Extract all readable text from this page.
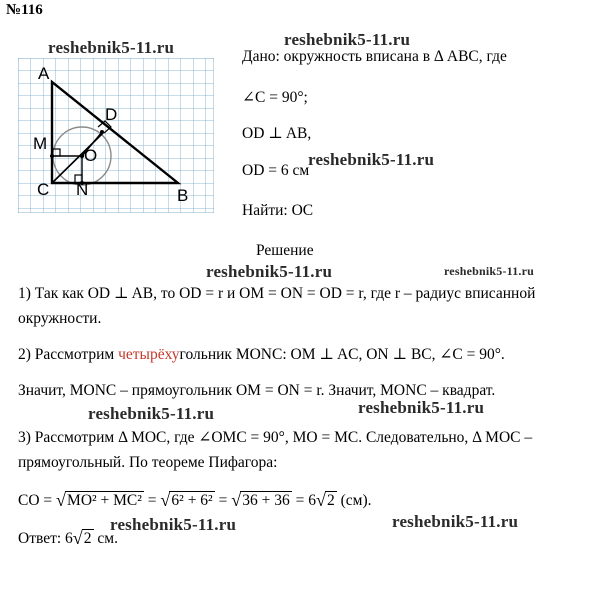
№116
A
D
M
O
C N	B
Дано: окружность вписана в Δ ABC, где
∠C = 90°;
OD ⊥ AB,
OD = 6 см
Найти: OC
Решение
1) Так как OD ⊥ AB, то OD = r и OM = ON = OD = r, где r – радиус вписанной
окружности.
2) Рассмотрим четырёхугольник MONC: OM ⊥ AC, ON ⊥ BC, ∠C = 90°.
Значит, MONC – прямоугольник OM = ON = r. Значит, MONC – квадрат.
3) Рассмотрим Δ MOC, где ∠OMC = 90°, MO = MC. Следовательно, Δ MOC –
прямоугольный. По теореме Пифагора:
CO = √ MO² + MC² = √ 6² + 6² = √ 36 + 36 = 6 √ 2 (см).
Ответ: 6 √ 2 см.
reshebnik5-11.ru	reshebnik5-11.ru
reshebnik5-11.ru
reshebnik5-11.ru	reshebnik5-11.ru
reshebnik5-11.ru	reshebnik5-11.ru
reshebnik5-11.ru	reshebnik5-11.ru
